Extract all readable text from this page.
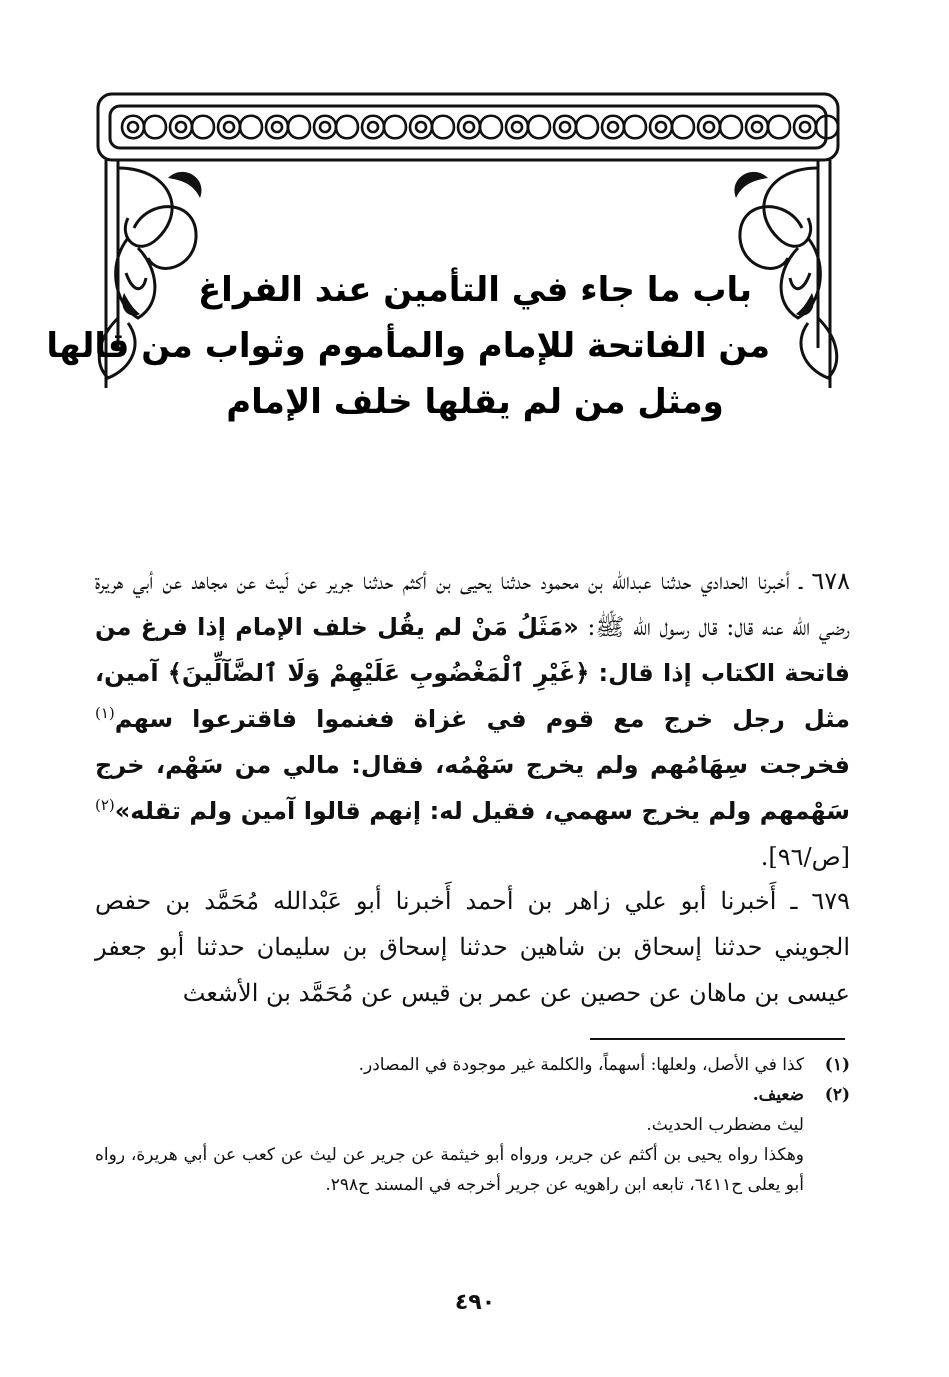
باب ما جاء في التأمين عند الفراغ
من الفاتحة للإمام والمأموم وثواب من قالها
ومثل من لم يقلها خلف الإمام
٦٧٨ ـ أخبرنا الحدادي حدثنا عبدالله بن محمود حدثنا يحيى بن أكثم حدثنا جرير عن لَيث عن مجاهد عن أبي هريرة رضي الله عنه قال: قال رسول الله ﷺ: «مَثَلُ مَنْ لم يقُل خلف الإمام إذا فرغ من فاتحة الكتاب إذا قال: ﴿غَيْرِ ٱلْمَغْضُوبِ عَلَيْهِمْ وَلَا ٱلضَّآلِّينَ﴾ آمين، مثل رجل خرج مع قوم في غزاة فغنموا فاقترعوا سهم$^{(١)}$ فخرجت سِهَامُهم ولم يخرج سَهْمُه، فقال: مالي من سَهْم، خرج سَهْمهم ولم يخرج سهمي، فقيل له: إنهم قالوا آمين ولم تقله»$^{(٢)}$ [ص/٩٦].
٦٧٩ ـ أَخبرنا أبو علي زاهر بن أحمد أَخبرنا أبو عَبْدالله مُحَمَّد بن حفص الجويني حدثنا إسحاق بن شاهين حدثنا إسحاق بن سليمان حدثنا أبو جعفر عيسى بن ماهان عن حصين عن عمر بن قيس عن مُحَمَّد بن الأشعث
(١)
كذا في الأصل، ولعلها: أسهماً، والكلمة غير موجودة في المصادر.
(٢)
ضعيف.
ليث مضطرب الحديث.
وهكذا رواه يحيى بن أكثم عن جرير، ورواه أبو خيثمة عن جرير عن ليث عن كعب عن أبي هريرة، رواه أبو يعلى ح٦٤١١، تابعه ابن راهويه عن جرير أخرجه في المسند ح٢٩٨.
٤٩٠
